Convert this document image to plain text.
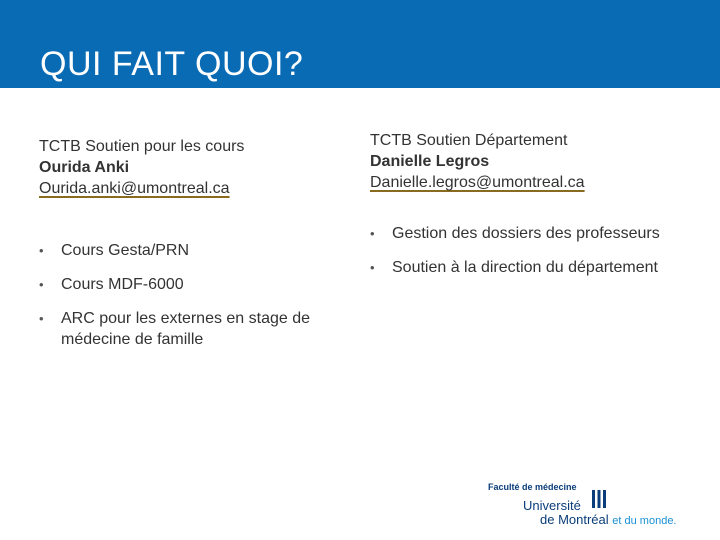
QUI FAIT QUOI?
TCTB Soutien pour les cours
Ourida Anki
Ourida.anki@umontreal.ca
TCTB Soutien Département
Danielle Legros
Danielle.legros@umontreal.ca
• Cours Gesta/PRN
• Cours MDF-6000
• ARC pour les externes en stage de médecine de famille
• Gestion des dossiers des professeurs
• Soutien à la direction du département
Faculté de médecine
Université
de Montréal et du monde.
